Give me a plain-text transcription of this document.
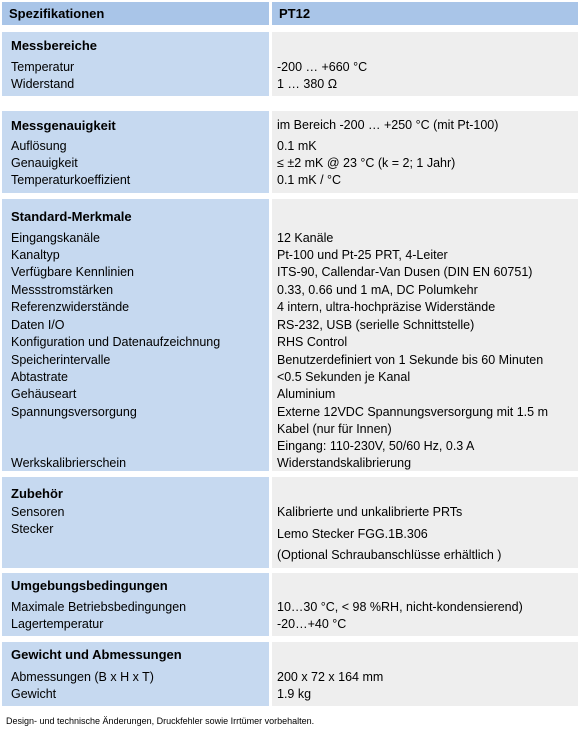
Spezifikationen	PT12
Messbereiche
Temperatur	-200 … +660 °C
Widerstand	1 … 380 Ω
Messgenauigkeit	im Bereich -200 … +250 °C (mit Pt-100)
Auflösung	0.1 mK
Genauigkeit	≤ ±2 mK @ 23 °C (k = 2; 1 Jahr)
Temperaturkoeffizient	0.1 mK / °C
Standard-Merkmale
Eingangskanäle	12 Kanäle
Kanaltyp	Pt-100 und Pt-25 PRT, 4-Leiter
Verfügbare Kennlinien	ITS-90, Callendar-Van Dusen (DIN EN 60751)
Messstromstärken	0.33, 0.66 und 1 mA, DC Polumkehr
Referenzwiderstände	4 intern, ultra-hochpräzise Widerstände
Daten I/O	RS-232, USB (serielle Schnittstelle)
Konfiguration und Datenaufzeichnung	RHS Control
Speicherintervalle	Benutzerdefiniert von 1 Sekunde bis 60 Minuten
Abtastrate	<0.5 Sekunden je Kanal
Gehäuseart	Aluminium
Spannungsversorgung	Externe 12VDC Spannungsversorgung mit 1.5 m
Kabel (nur für Innen)
Eingang: 110-230V, 50/60 Hz, 0.3 A
Werkskalibrierschein	Widerstandskalibrierung
Zubehör
Sensoren	Kalibrierte und unkalibrierte PRTs
Stecker	Lemo Stecker FGG.1B.306
(Optional Schraubanschlüsse erhältlich )
Umgebungsbedingungen
Maximale Betriebsbedingungen	10…30 °C, < 98 %RH, nicht-kondensierend)
Lagertemperatur	-20…+40 °C
Gewicht und Abmessungen
Abmessungen (B x H x T)	200 x 72 x 164 mm
Gewicht	1.9 kg
Design- und technische Änderungen, Druckfehler sowie Irrtümer vorbehalten.
